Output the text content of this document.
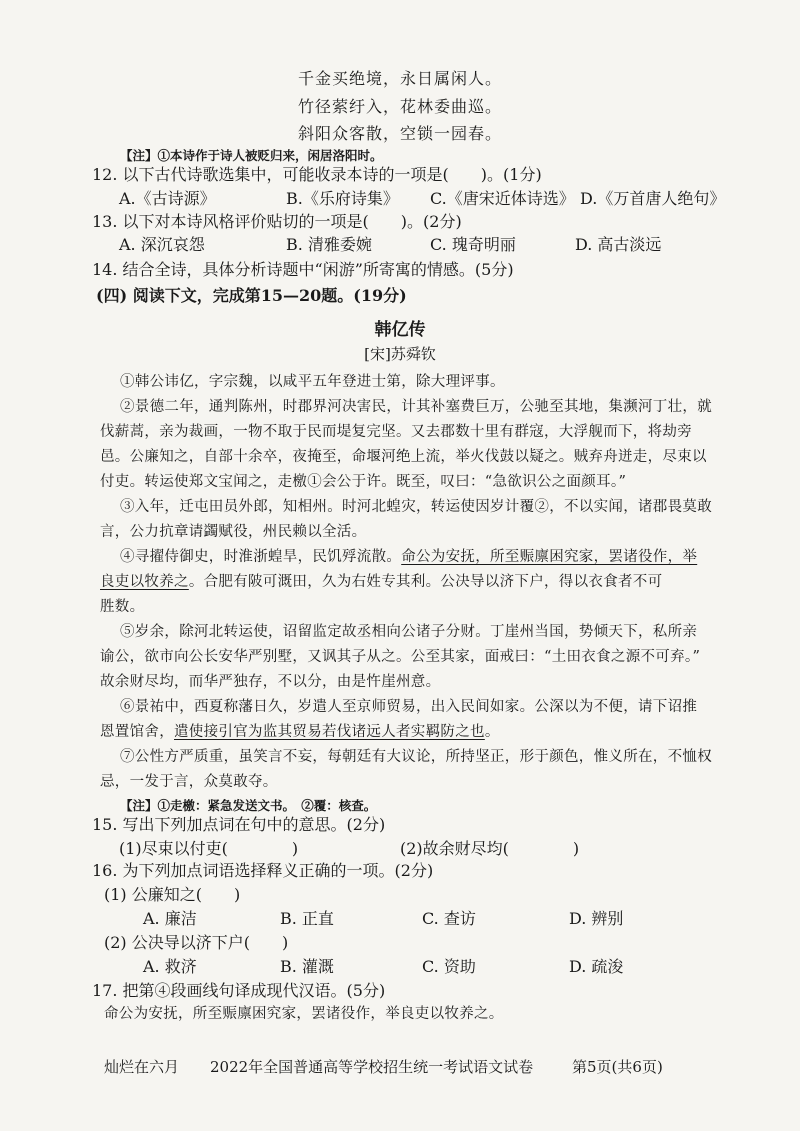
千金买绝境，永日属闲人。
竹径萦纡入，花林委曲巡。
斜阳众客散，空锁一园春。
【注】①本诗作于诗人被贬归来，闲居洛阳时。
12. 以下古代诗歌选集中，可能收录本诗的一项是(　　)。(1分)
A.《古诗源》	B.《乐府诗集》 C.《唐宋近体诗选》 D.《万首唐人绝句》
13. 以下对本诗风格评价贴切的一项是(　　)。(2分)
A. 深沉哀怨	B. 清雅委婉	C. 瑰奇明丽	D. 高古淡远
14. 结合全诗，具体分析诗题中“闲游”所寄寓的情感。(5分)
(四) 阅读下文，完成第15—20题。(19分)
韩亿传
[宋]苏舜钦
①韩公讳亿，字宗魏，以咸平五年登进士第，除大理评事。
②景德二年，通判陈州，时郡界河决害民，计其补塞费巨万，公驰至其地，集濒河丁壮，就
伐薪蒿，亲为裁画，一物不取于民而堤复完坚。又去郡数十里有群寇，大浮舰而下，将劫旁
邑。公廉知之，自部十余卒，夜掩至，命堰河绝上流，举火伐鼓以疑之。贼弃舟迸走，尽束以
付吏。转运使郑文宝闻之，走檄①会公于许。既至，叹曰：“急欲识公之面颜耳。”
③入年，迁屯田员外郎，知相州。时河北蝗灾，转运使因岁计覆②，不以实闻，诸郡畏莫敢
言，公力抗章请蠲赋役，州民赖以全活。
④寻擢侍御史，时淮浙蝗旱，民饥殍流散。命公为安抚，所至赈廪困究家，罢诸役作，举
良吏以牧养之。合肥有陂可溉田，久为右姓专其利。公决导以济下户，得以衣食者不可
胜数。
⑤岁余，除河北转运使，诏留监定故丞相向公诸子分财。丁崖州当国，势倾天下，私所亲
谕公，欲市向公长安华严别墅，又讽其子从之。公至其家，面戒曰：“土田衣食之源不可弃。”
故余财尽均，而华严独存，不以分，由是忤崖州意。
⑥景祐中，西夏称藩日久，岁遣人至京师贸易，出入民间如家。公深以为不便，请下诏推
恩置馆舍，遣使接引官为监其贸易若伐诸远人者实羁防之也。
⑦公性方严质重，虽笑言不妄，每朝廷有大议论，所持坚正，形于颜色，惟义所在，不恤权
忌，一发于言，众莫敢夺。
【注】①走檄：紧急发送文书。　②覆：核查。
15. 写出下列加点词在句中的意思。(2分)
(1)尽束以付吏(　　　　)	(2)故余财尽均(　　　　)
16. 为下列加点词语选择释义正确的一项。(2分)
(1) 公廉知之(　　)
A. 廉洁	B. 正直	C. 查访	D. 辨别
(2) 公决导以济下户(　　)
A. 救济	B. 灌溉	C. 资助	D. 疏浚
17. 把第④段画线句译成现代汉语。(5分)
命公为安抚，所至赈廪困究家，罢诸役作，举良吏以牧养之。
灿烂在六月 2022年全国普通高等学校招生统一考试语文试卷	第5页(共6页)
